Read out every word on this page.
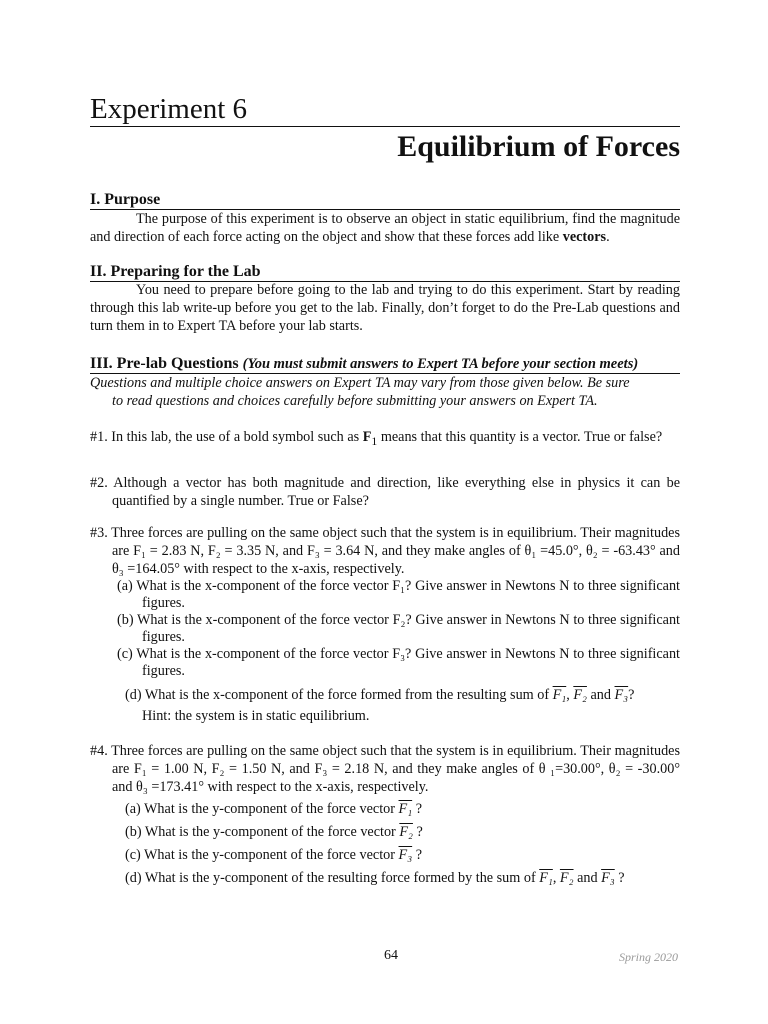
Experiment 6
Equilibrium of Forces
I. Purpose
The purpose of this experiment is to observe an object in static equilibrium, find the magnitude and direction of each force acting on the object and show that these forces add like vectors.
II. Preparing for the Lab
You need to prepare before going to the lab and trying to do this experiment. Start by reading through this lab write-up before you get to the lab. Finally, don’t forget to do the Pre-Lab questions and turn them in to Expert TA before your lab starts.
III. Pre-lab Questions (You must submit answers to Expert TA before your section meets)
Questions and multiple choice answers on Expert TA may vary from those given below. Be sure
to read questions and choices carefully before submitting your answers on Expert TA.
#1. In this lab, the use of a bold symbol such as $F_1$ means that this quantity is a vector. True or false?
#2. Although a vector has both magnitude and direction, like everything else in physics it can be quantified by a single number. True or False?
#3. Three forces are pulling on the same object such that the system is in equilibrium. Their magnitudes are F₁ = 2.83 N, F₂ = 3.35 N, and F₃ = 3.64 N, and they make angles of θ₁ =45.0°, θ₂ = -63.43° and θ₃ =164.05° with respect to the x-axis, respectively.
(a) What is the x-component of the force vector F₁? Give answer in Newtons N to three significant figures.
(b) What is the x-component of the force vector F₂? Give answer in Newtons N to three significant figures.
(c) What is the x-component of the force vector F₃? Give answer in Newtons N to three significant figures.
(d) What is the x-component of the force formed from the resulting sum of F₁, F₂ and F₃?
Hint: the system is in static equilibrium.
#4. Three forces are pulling on the same object such that the system is in equilibrium. Their magnitudes are F₁ = 1.00 N, F₂ = 1.50 N, and F₃ = 2.18 N, and they make angles of θ ₁=30.00°, θ₂ = -30.00° and θ₃ =173.41° with respect to the x-axis, respectively.
(a) What is the y-component of the force vector F₁ ?
(b) What is the y-component of the force vector F₂ ?
(c) What is the y-component of the force vector F₃ ?
(d) What is the y-component of the resulting force formed by the sum of F₁, F₂ and F₃ ?
64	Spring 2020
